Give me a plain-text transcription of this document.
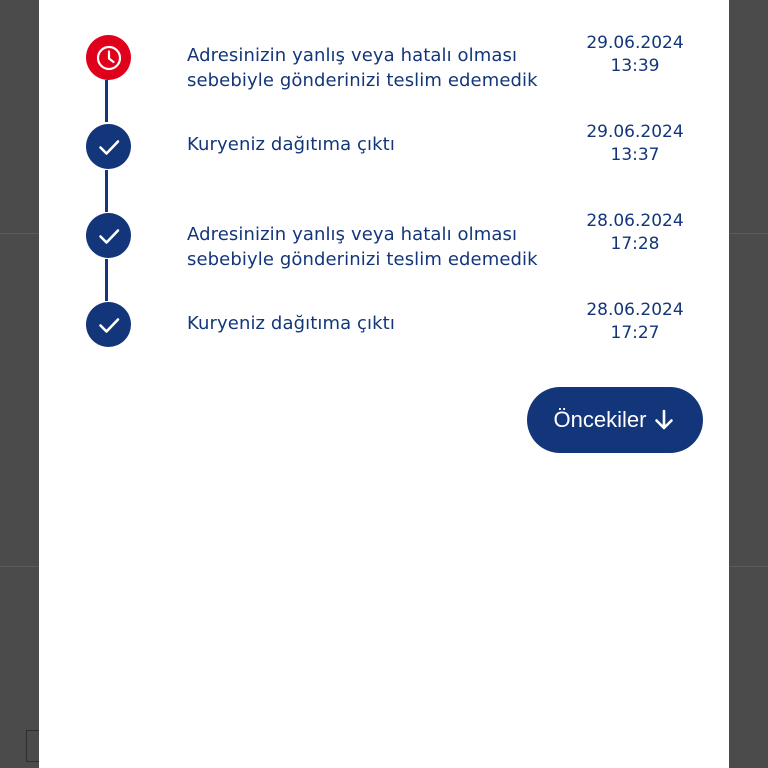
Adresinizin yanlış veya hatalı olması
sebebiyle gönderinizi teslim edemedik
29.06.2024
13:39
Kuryeniz dağıtıma çıktı
29.06.2024
13:37
Adresinizin yanlış veya hatalı olması
sebebiyle gönderinizi teslim edemedik
28.06.2024
17:28
Kuryeniz dağıtıma çıktı
28.06.2024
17:27
Öncekiler
